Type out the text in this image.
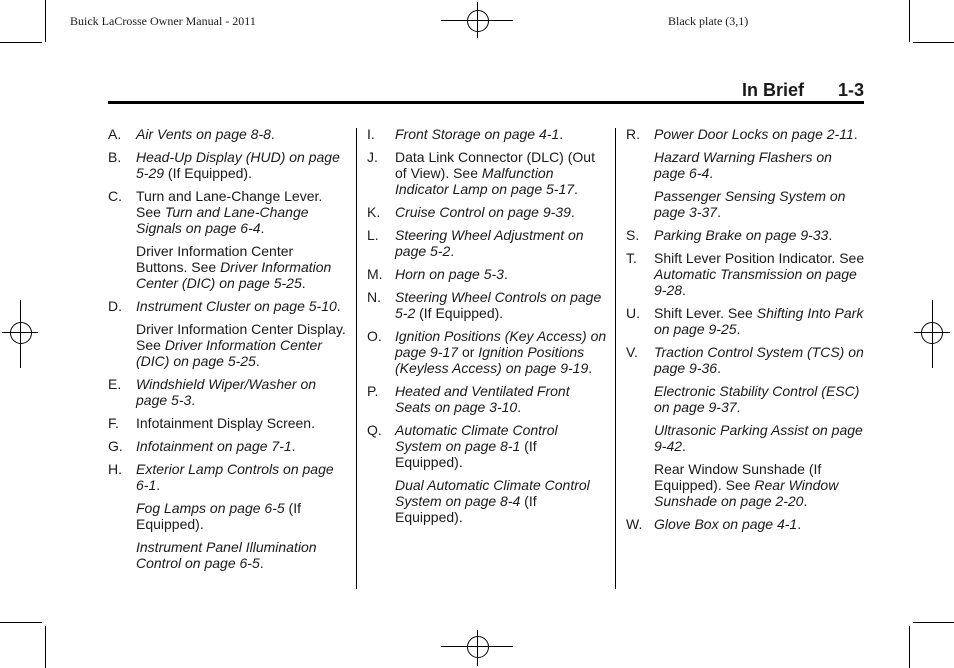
Buick LaCrosse Owner Manual - 2011	Black plate (3,1)
In Brief 1-3
A. Air Vents on page 8-8.
B. Head-Up Display (HUD) on page 5-29 (If Equipped).
C. Turn and Lane-Change Lever. See Turn and Lane-Change Signals on page 6-4.
Driver Information Center Buttons. See Driver Information Center (DIC) on page 5-25.
D. Instrument Cluster on page 5-10.
Driver Information Center Display. See Driver Information Center (DIC) on page 5-25.
E. Windshield Wiper/Washer on page 5-3.
F. Infotainment Display Screen.
G. Infotainment on page 7-1.
H. Exterior Lamp Controls on page 6-1.
Fog Lamps on page 6-5 (If Equipped).
Instrument Panel Illumination Control on page 6-5.
I. Front Storage on page 4-1.
J. Data Link Connector (DLC) (Out of View). See Malfunction Indicator Lamp on page 5-17.
K. Cruise Control on page 9-39.
L. Steering Wheel Adjustment on page 5-2.
M. Horn on page 5-3.
N. Steering Wheel Controls on page 5-2 (If Equipped).
O. Ignition Positions (Key Access) on page 9-17 or Ignition Positions (Keyless Access) on page 9-19.
P. Heated and Ventilated Front Seats on page 3-10.
Q. Automatic Climate Control System on page 8-1 (If Equipped).
Dual Automatic Climate Control System on page 8-4 (If Equipped).
R. Power Door Locks on page 2-11.
Hazard Warning Flashers on page 6-4.
Passenger Sensing System on page 3-37.
S. Parking Brake on page 9-33.
T. Shift Lever Position Indicator. See Automatic Transmission on page 9-28.
U. Shift Lever. See Shifting Into Park on page 9-25.
V. Traction Control System (TCS) on page 9-36.
Electronic Stability Control (ESC) on page 9-37.
Ultrasonic Parking Assist on page 9-42.
Rear Window Sunshade (If Equipped). See Rear Window Sunshade on page 2-20.
W. Glove Box on page 4-1.
